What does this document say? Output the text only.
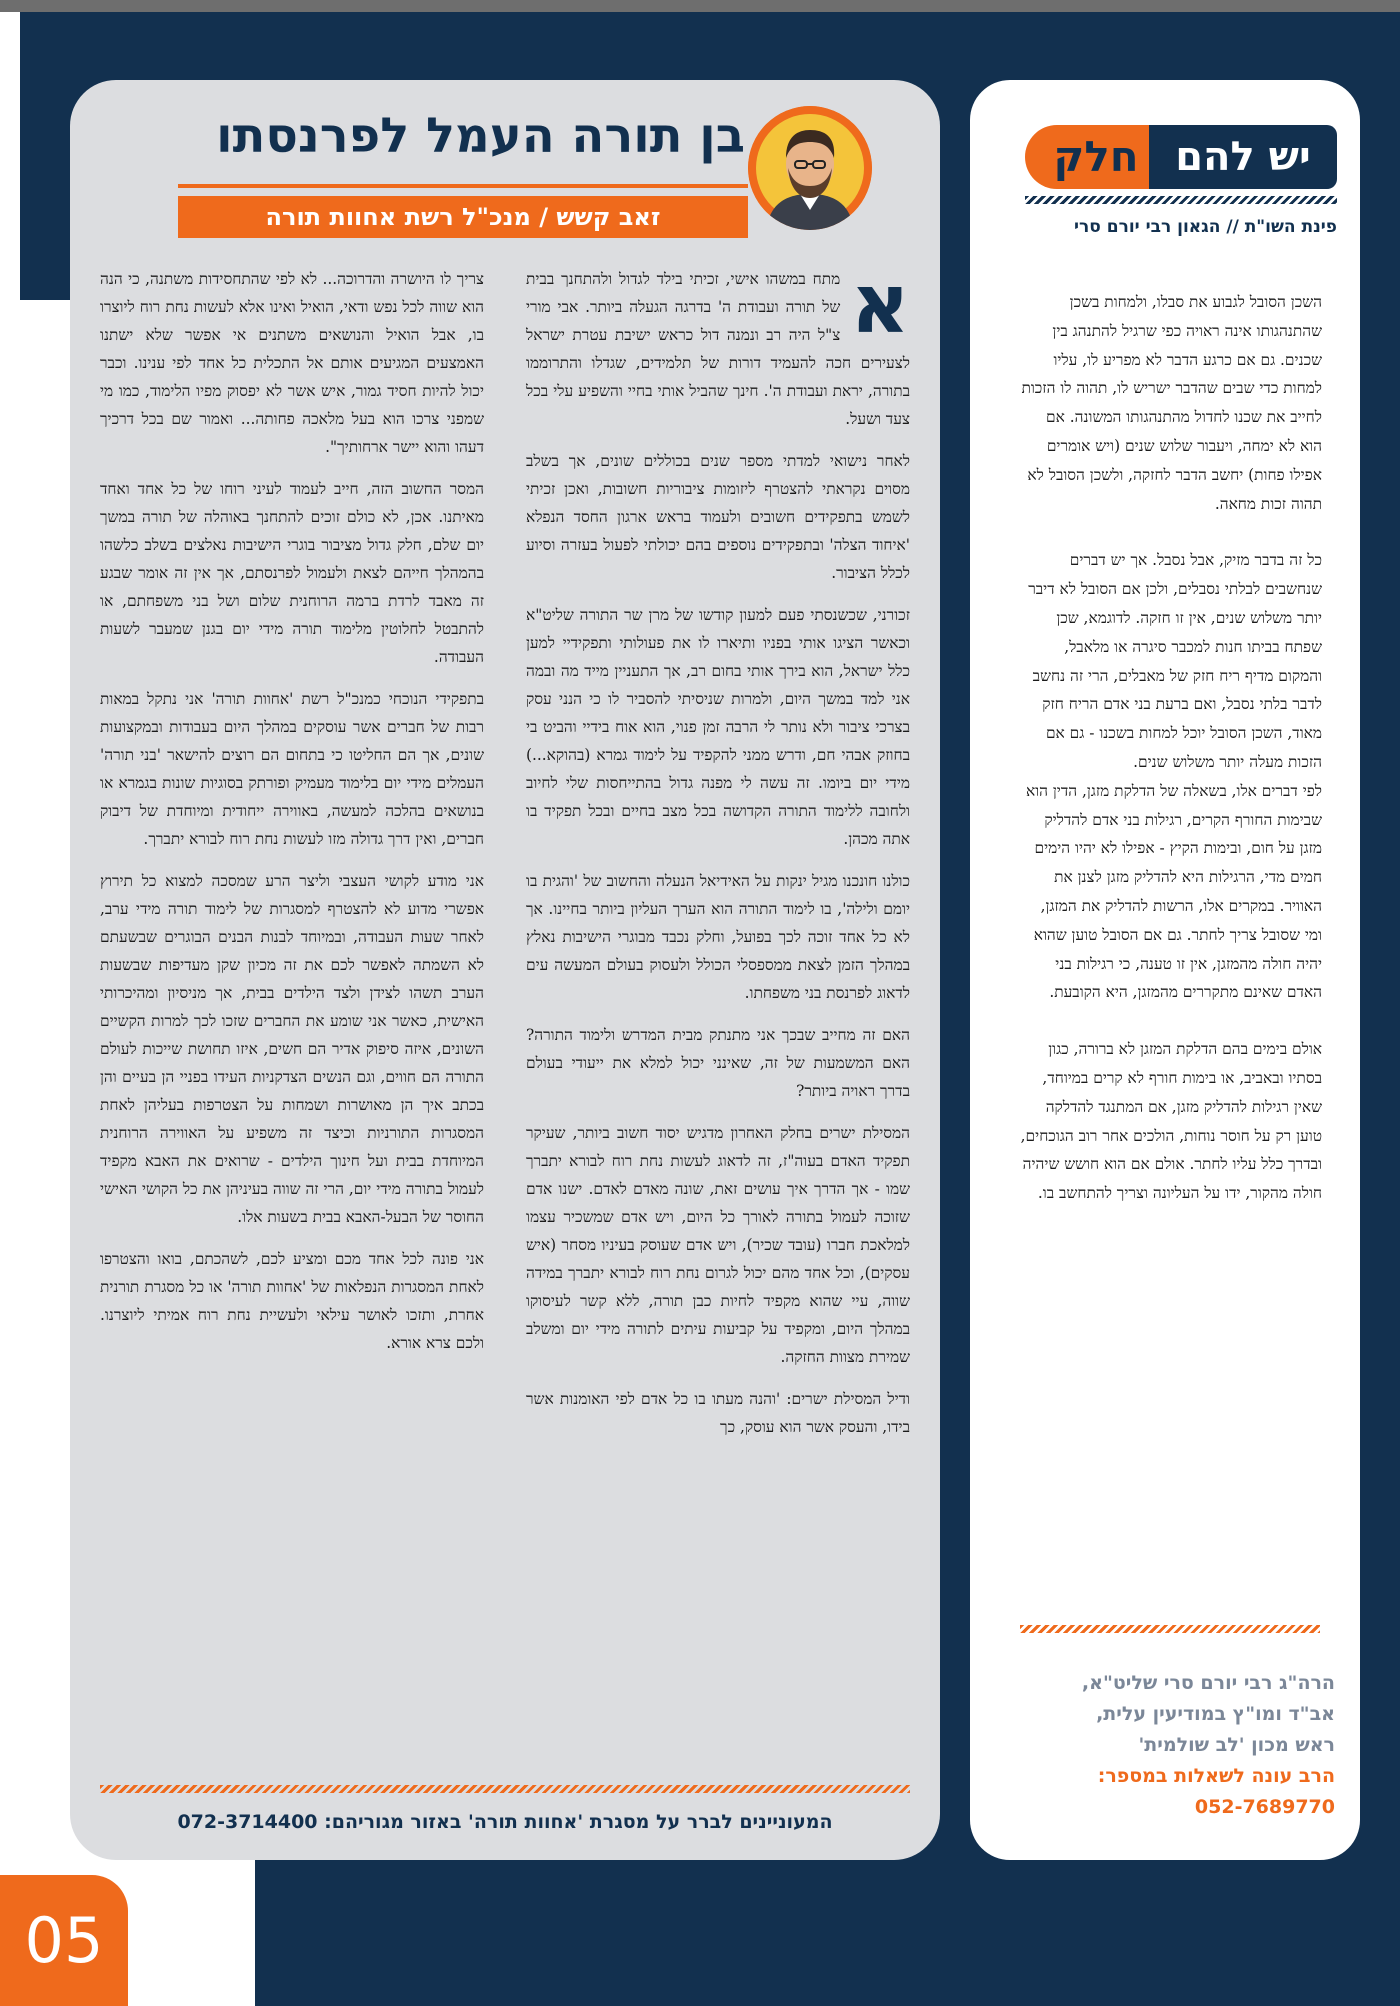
בן תורה העמל לפרנסתו
זאב קשש / מנכ"ל רשת אחוות תורה

א
מתח במשהו אישי, זכיתי בילד לגדול ולהתחנך בבית של תורה ועבודת ה' בדרגה הגעלה ביותר. אבי מורי צ"ל היה רב ונמנה דול כראש ישיבת עטרת ישראל לצעירים חכה להעמיד דורות של תלמידים, שגדלו והתרוממו בתורה, יראת ועבודת ה'. חינך שהביל אותי בחיי והשפיע עלי בכל צעד ושעל.

לאחר נישואי למדתי מספר שנים בכוללים שונים, אך בשלב מסוים נקראתי להצטרף ליזומות ציבוריות חשובות, ואכן זכיתי לשמש בתפקידים חשובים ולעמוד בראש ארגון החסד הנפלא 'איחוד הצלה' ובתפקידים נוספים בהם יכולתי לפעול בעזרה וסיוע לכלל הציבור.

זכורני, שכשנסתי פעם למעון קודשו של מרן שר התורה שליט"א וכאשר הציגו אותי בפניו ותיארו לו את פעולותי ותפקידיי למען כלל ישראל, הוא בירך אותי בחום רב, אך התעניין מייד מה ובמה אני למד במשך היום, ולמרות שניסיתי להסביר לו כי הנני עסק בצרכי ציבור ולא נותר לי הרבה זמן פנוי, הוא אוח בידיי והביט בי בחוזק אבהי חם, ודרש ממני להקפיד על לימוד גמרא (בהוקא...) מידי יום ביומו. זה עשה לי מפנה גדול בהתייחסות שלי לחיוב ולחובה ללימוד התורה הקדושה בכל מצב בחיים ובכל תפקיד בו אתה מכהן.

כולנו חונכנו מגיל ינקות על האידיאל הנעלה והחשוב של 'והגית בו יומם ולילה', בו לימוד התורה הוא הערך העליון ביותר בחיינו. אך לא כל אחד זוכה לכך בפועל, וחלק נכבד מבוגרי הישיבות נאלץ במהלך הזמן לצאת ממספסלי הכולל ולעסוק בעולם המעשה עים לדאוג לפרנסת בני משפחתו.

האם זה מחייב שבכך אני מתנתק מבית המדרש ולימוד התורה? האם המשמעות של זה, שאינני יכול למלא את ייעודי בעולם בדרך ראויה ביותר?

המסילת ישרים בחלק האחרון מדגיש יסוד חשוב ביותר, שעיקר תפקיד האדם בעוה"ז, זה לדאוג לעשות נחת רוח לבורא יתברך שמו - אך הדרך איך עושים זאת, שונה מאדם לאדם. ישנו אדם שזוכה לעמול בתורה לאורך כל היום, ויש אדם שמשכיר עצמו למלאכת חברו (עובד שכיר), ויש אדם שעוסק בעיניו מסחר (איש עסקים), וכל אחד מהם יכול לגרום נחת רוח לבורא יתברך במידה שווה, עיי שהוא מקפיד לחיות כבן תורה, ללא קשר לעיסוקו במהלך היום, ומקפיד על קביעות עיתים לתורה מידי יום ומשלב שמירת מצוות החזקה.

ודיל המסילת ישרים: 'והנה מעתו בו כל אדם לפי האומנות אשר בידו, והעסק אשר הוא עוסק, כך

צריך לו היושרה והדרוכה... לא לפי שהתחסידות משתנה, כי הנה הוא שווה לכל נפש ודאי, הואיל ואינו אלא לעשות נחת רוח ליוצרו בו, אבל הואיל והנושאים משתנים אי אפשר שלא ישתנו האמצעים המגיעים אותם אל התכלית כל אחד לפי ענינו. וכבר יכול להיות חסיד גמור, איש אשר לא יפסוק מפיו הלימוד, כמו מי שמפני צרכו הוא בעל מלאכה פחותה... ואמור שם בכל דרכיך דעהו והוא יישר ארחותיך".

המסר החשוב הזה, חייב לעמוד לעיני רוחו של כל אחד ואחד מאיתנו. אכן, לא כולם זוכים להתחנך באוהלה של תורה במשך יום שלם, חלק גדול מציבור בוגרי הישיבות נאלצים בשלב כלשהו בהמהלך חייהם לצאת ולעמול לפרנסתם, אך אין זה אומר שבגע זה מאבד לרדת ברמה הרוחנית שלום ושל בני משפחתם, או להתבטל לחלוטין מלימוד תורה מידי יום בגנן שמעבר לשעות העבודה.

בתפקידי הנוכחי כמנכ"ל רשת 'אחוות תורה' אני נתקל במאות רבות של חברים אשר עוסקים במהלך היום בעבודות ובמקצועות שונים, אך הם החליטו כי בתחום הם רוצים להישאר 'בני תורה' העמלים מידי יום בלימוד מעמיק ופורתק בסוגיות שונות בגמרא או בנושאים בהלכה למעשה, באווירה ייחודית ומיוחדת של דיבוק חברים, ואין דרך גדולה מזו לעשות נחת רוח לבורא יתברך.

אני מודע לקושי העצבי וליצר הרע שמסכה למצוא כל תירוץ אפשרי מדוע לא להצטרף למסגרות של לימוד תורה מידי ערב, לאחר שעות העבודה, ובמיוחד לבנות הבנים הבוגרים שבשעתם לא השמתה לאפשר לכם את זה מכיון שקן מעדיפות שבשעות הערב תשהו לצידן ולצד הילדים בבית, אך מניסיון ומהיכרותי האישית, כאשר אני שומע את החברים שזכו לכך למרות הקשיים השונים, איזה סיפוק אדיר הם חשים, איזו תחושת שייכות לעולם התורה הם חווים, וגם הנשים הצדקניות העידו בפניי הן בעיים והן בכתב איך הן מאושרות ושמחות על הצטרפות בעליהן לאחת המסגרות התורניות וכיצד זה משפיע על האווירה הרוחנית המיוחדת בבית ועל חינוך הילדים - שרואים את האבא מקפיד לעמול בתורה מידי יום, הרי זה שווה בעיניהן את כל הקושי האישי החוסר של הבעל-האבא בבית בשעות אלו.

אני פונה לכל אחד מכם ומציע לכם, לשהכתם, בואו והצטרפו לאחת המסגרות הנפלאות של 'אחוות תורה' או כל מסגרת תורנית אחרת, ותזכו לאושר עילאי ולעשיית נחת רוח אמיתי ליוצרנו. ולכם צרא אורא.

המעוניינים לברר על מסגרת 'אחוות תורה' באזור מגוריהם: 072-3714400
חלק יש להם
פינת השו"ת // הגאון רבי יורם סרי

השכן הסובל לגבוע את סבלו, ולמחות בשכן שהתנהגותו אינה ראויה כפי שרגיל להתנהג בין שכנים. גם אם כרגע הדבר לא מפריע לו, עליו למחות כדי שבים שהדבר ישריש לו, תהוה לו הזכות לחייב את שכנו לחדול מהתנהגותו המשונה. אם הוא לא ימחה, ויעבור שלוש שנים (ויש אומרים אפילו פחות) יחשב הדבר לחזקה, ולשכן הסובל לא תהוה זכות מחאה.

כל זה בדבר מזיק, אבל נסבל. אך יש דברים שנחשבים לבלתי נסבלים, ולכן אם הסובל לא דיבר יותר משלוש שנים, אין זו חזקה. לדוגמא, שכן שפתח בביתו חנות למכבר סיגרה או מלאבל, והמקום מדיף ריח חזק של מאבלים, הרי זה נחשב לדבר בלתי נסבל, ואם ברעת בני אדם הריח חזק מאוד, השכן הסובל יוכל למחות בשכנו - גם אם הזכות מעלה יותר משלוש שנים.

לפי דברים אלו, בשאלה של הדלקת מזגן, הדין הוא שבימות החורף הקרים, רגילות בני אדם להדליק מזגן על חום, ובימות הקיץ - אפילו לא יהיו הימים חמים מדי, הרגילות היא להדליק מזגן לצנן את האוויר. במקרים אלו, הרשות להדליק את המזגן, ומי שסובל צריך לחתר. גם אם הסובל טוען שהוא יהיה חולה מהמזגן, אין זו טענה, כי רגילות בני האדם שאינם מתקררים מהמזגן, היא הקובעת.

אולם בימים בהם הדלקת המזגן לא ברורה, כגון בסתיו ובאביב, או בימות חורף לא קרים במיוחד, שאין רגילות להדליק מזגן, אם המתנגד להדלקה טוען רק על חוסר נוחות, הולכים אחר רוב הגוכחים, ובדרך כלל עליו לחתר. אולם אם הוא חושש שיהיה חולה מהקור, ידו על העליונה וצריך להתחשב בו.

הרה"ג רבי יורם סרי שליט"א,
אב"ד ומו"ץ במודיעין עלית,
ראש מכון 'לב שולמית'
הרב עונה לשאלות במספר:
052-7689770
05
